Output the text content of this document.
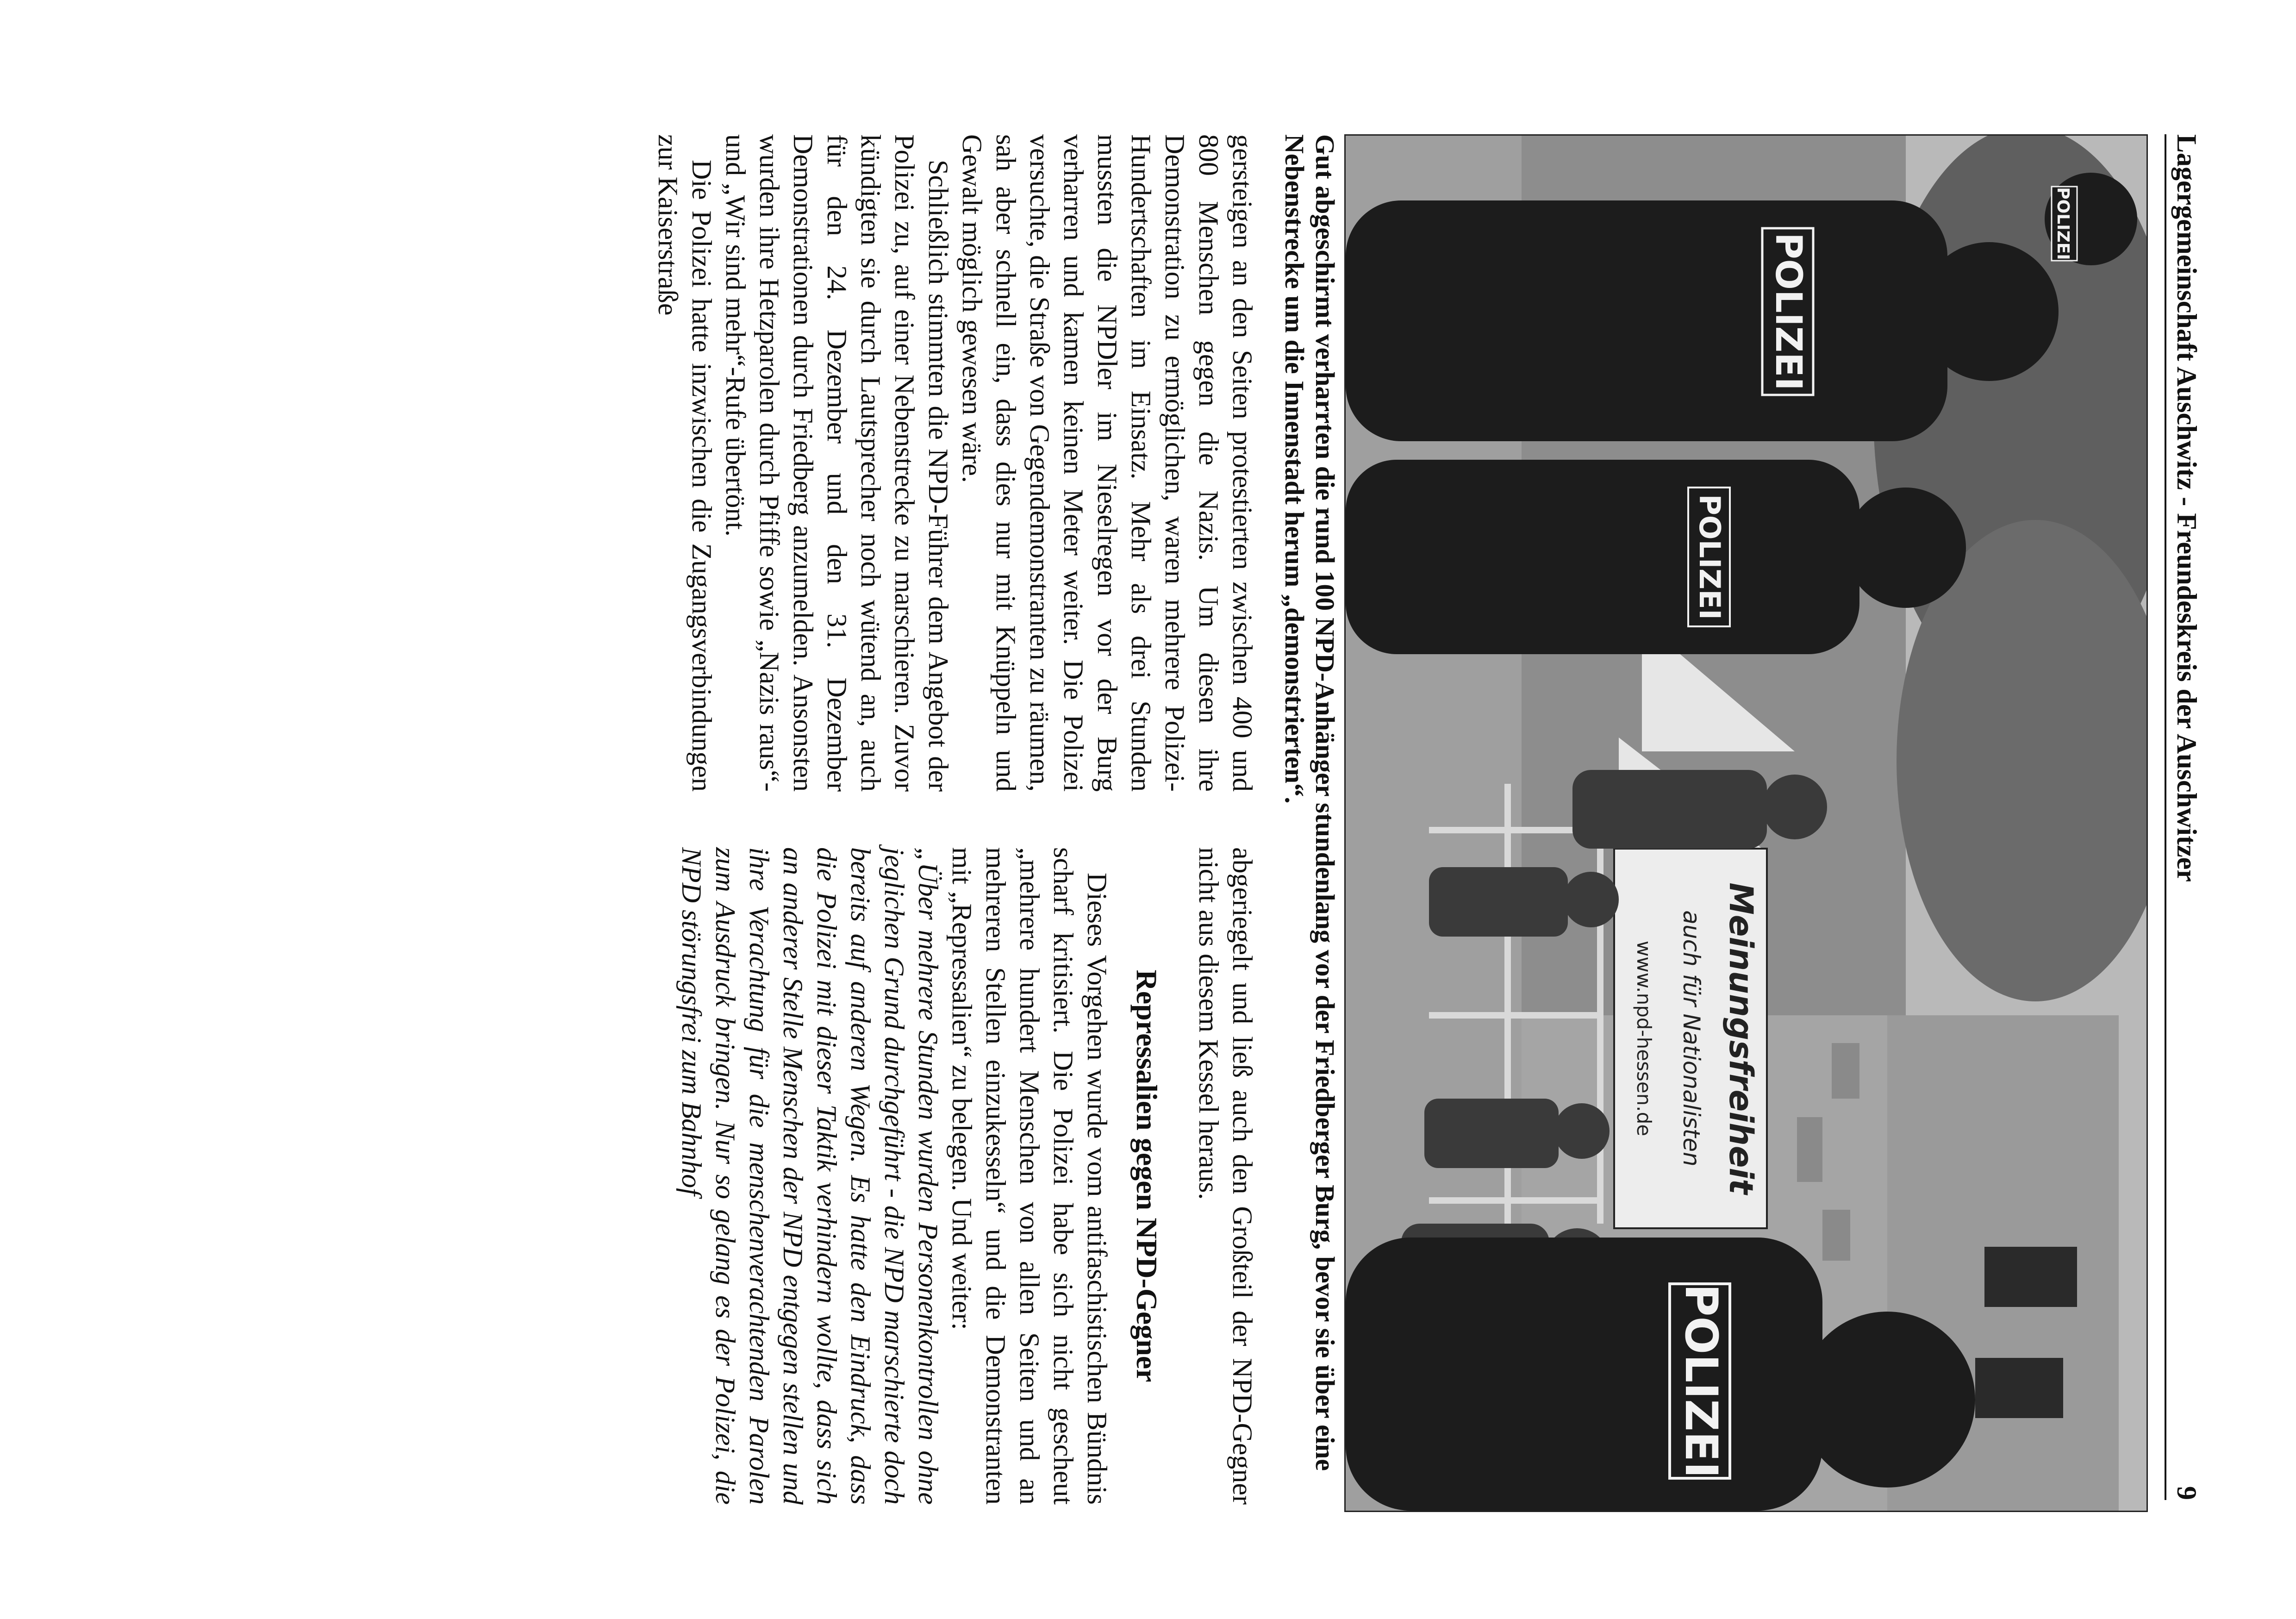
Lagergemeinschaft Auschwitz - Freundeskreis der Auschwitzer
9
Meinungsfreiheit
auch für Nationalisten
www.npd-hessen.de
POLIZEI
POLIZEI
POLIZEI
POLIZEI
Gut abgeschirmt verharrten die rund 100 NPD-Anhänger stundenlang vor der Friedberger Burg, bevor sie über eine Nebenstrecke um die Innenstadt herum „demonstrierten“.

gersteigen an den Seiten protestierten zwischen 400 und 800 Menschen gegen die Nazis. Um diesen ihre Demonstration zu ermöglichen, waren mehrere Polizei-Hundertschaften im Einsatz. Mehr als drei Stunden mussten die NPDler im Nieselregen vor der Burg verharren und kamen keinen Meter weiter. Die Polizei versuchte, die Straße von Gegendemonstranten zu räumen, sah aber schnell ein, dass dies nur mit Knüppeln und Gewalt möglich gewesen wäre.

Schließlich stimmten die NPD-Führer dem Angebot der Polizei zu, auf einer Nebenstrecke zu marschieren. Zuvor kündigten sie durch Lautsprecher noch wütend an, auch für den 24. Dezember und den 31. Dezember Demonstrationen durch Friedberg anzumelden. Ansonsten wurden ihre Hetzparolen durch Pfiffe sowie „Nazis raus“- und „Wir sind mehr“-Rufe übertönt.

Die Polizei hatte inzwischen die Zugangsverbindungen zur Kaiserstraße

abgeriegelt und ließ auch den Großteil der NPD-Gegner nicht aus diesem Kessel heraus.

Repressalien gegen NPD-Gegner

Dieses Vorgehen wurde vom antifaschistischen Bündnis scharf kritisiert. Die Polizei habe sich nicht gescheut „mehrere hundert Menschen von allen Seiten und an mehreren Stellen einzukesseln“ und die Demonstranten mit „Repressalien“ zu belegen. Und weiter:

„Über mehrere Stunden wurden Personenkontrollen ohne jeglichen Grund durchgeführt - die NPD marschierte doch bereits auf anderen Wegen. Es hatte den Eindruck, dass die Polizei mit dieser Taktik verhindern wollte, dass sich an anderer Stelle Menschen der NPD entgegen stellen und ihre Verachtung für die menschenverachtenden Parolen zum Ausdruck bringen. Nur so gelang es der Polizei, die NPD störungsfrei zum Bahnhof
